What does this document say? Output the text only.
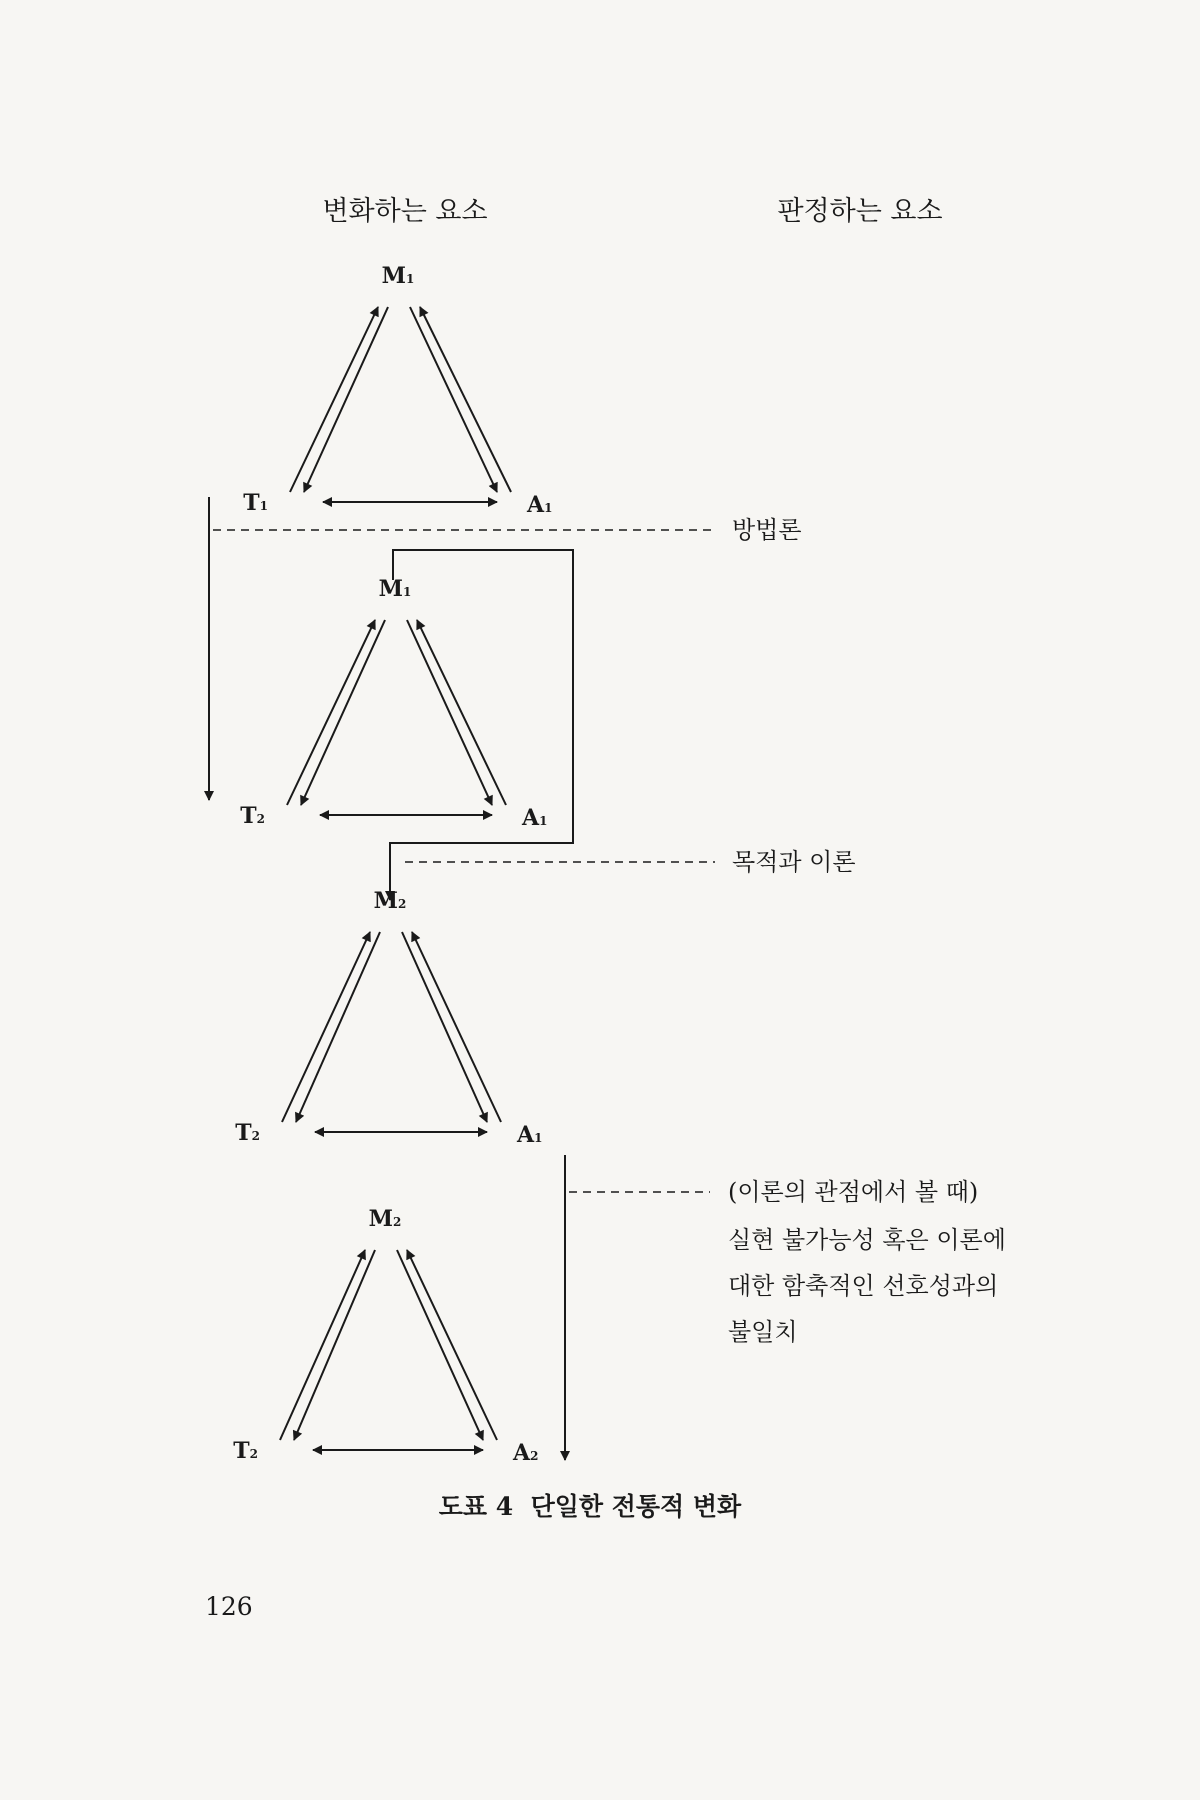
변화하는 요소	판정하는 요소
M1
T1	A1
M1
T2	A1
M2
T2	A1
M2
T2	A2
방법론
목적과 이론
(이론의 관점에서 볼 때)
실현 불가능성 혹은 이론에
대한 함축적인 선호성과의
불일치
도표 4  단일한 전통적 변화
126
